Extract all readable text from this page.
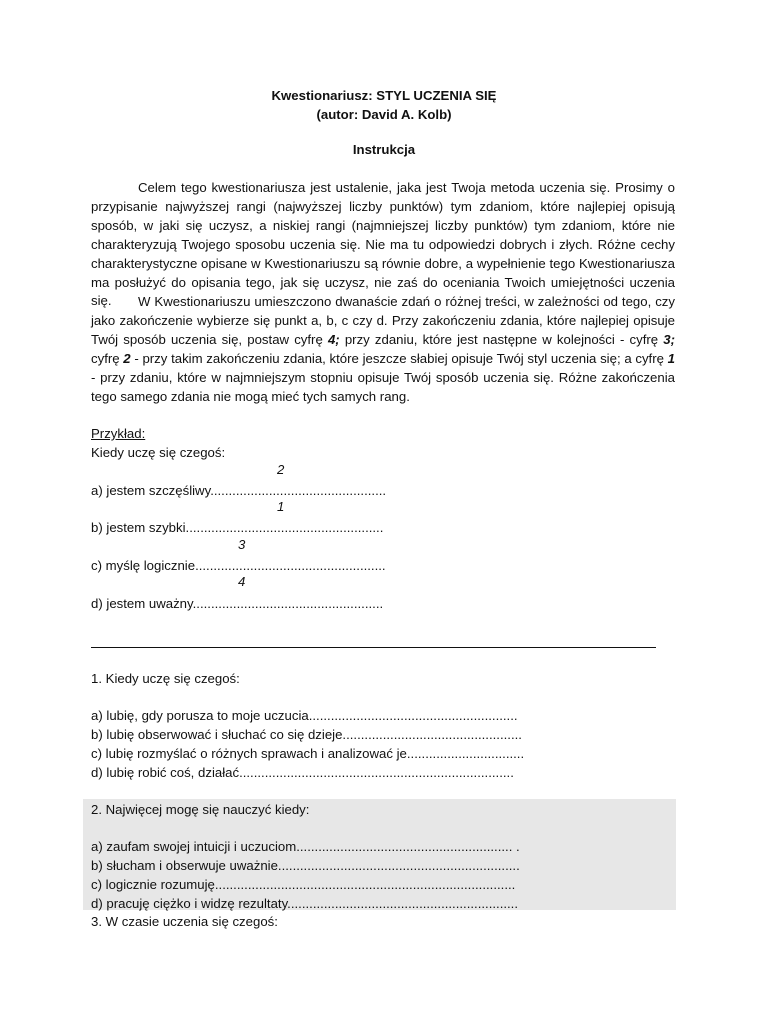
Kwestionariusz: STYL UCZENIA SIĘ
(autor: David A. Kolb)
Instrukcja
Celem tego kwestionariusza jest ustalenie, jaka jest Twoja metoda uczenia się. Prosimy o przypisanie najwyższej rangi (najwyższej liczby punktów) tym zdaniom, które najlepiej opisują sposób, w jaki się uczysz, a niskiej rangi (najmniejszej liczby punktów) tym zdaniom, które nie charakteryzują Twojego sposobu uczenia się. Nie ma tu odpowiedzi dobrych i złych. Różne cechy charakterystyczne opisane w Kwestionariuszu są równie dobre, a wypełnienie tego Kwestionariusza ma posłużyć do opisania tego, jak się uczysz, nie zaś do oceniania Twoich umiejętności uczenia się.	W Kwestionariuszu umieszczono dwanaście zdań o różnej treści, w zależności od tego, czy jako zakończenie wybierze się punkt a, b, c czy d. Przy zakończeniu zdania, które najlepiej opisuje Twój sposób uczenia się, postaw cyfrę 4; przy zdaniu, które jest następne w kolejności - cyfrę 3; cyfrę 2 - przy takim zakończeniu zdania, które jeszcze słabiej opisuje Twój styl uczenia się; a cyfrę 1 - przy zdaniu, które w najmniejszym stopniu opisuje Twój sposób uczenia się. Różne zakończenia tego samego zdania nie mogą mieć tych samych rang.
Przykład:
Kiedy uczę się czegoś:
2
a) jestem szczęśliwy................................................
1
b) jestem szybki......................................................
3
c) myślę logicznie....................................................
4
d) jestem uważny....................................................
1. Kiedy uczę się czegoś:
a) lubię, gdy porusza to moje uczucia.........................................................
b) lubię obserwować i słuchać co się dzieje.................................................
c) lubię rozmyślać o różnych sprawach i analizować je................................
d) lubię robić coś, działać...........................................................................
2. Najwięcej mogę się nauczyć kiedy:
a) zaufam swojej intuicji i uczuciom........................................................... .
b) słucham i obserwuje uważnie..................................................................
c) logicznie rozumuję..................................................................................
d) pracuję ciężko i widzę rezultaty...............................................................
3. W czasie uczenia się czegoś:
